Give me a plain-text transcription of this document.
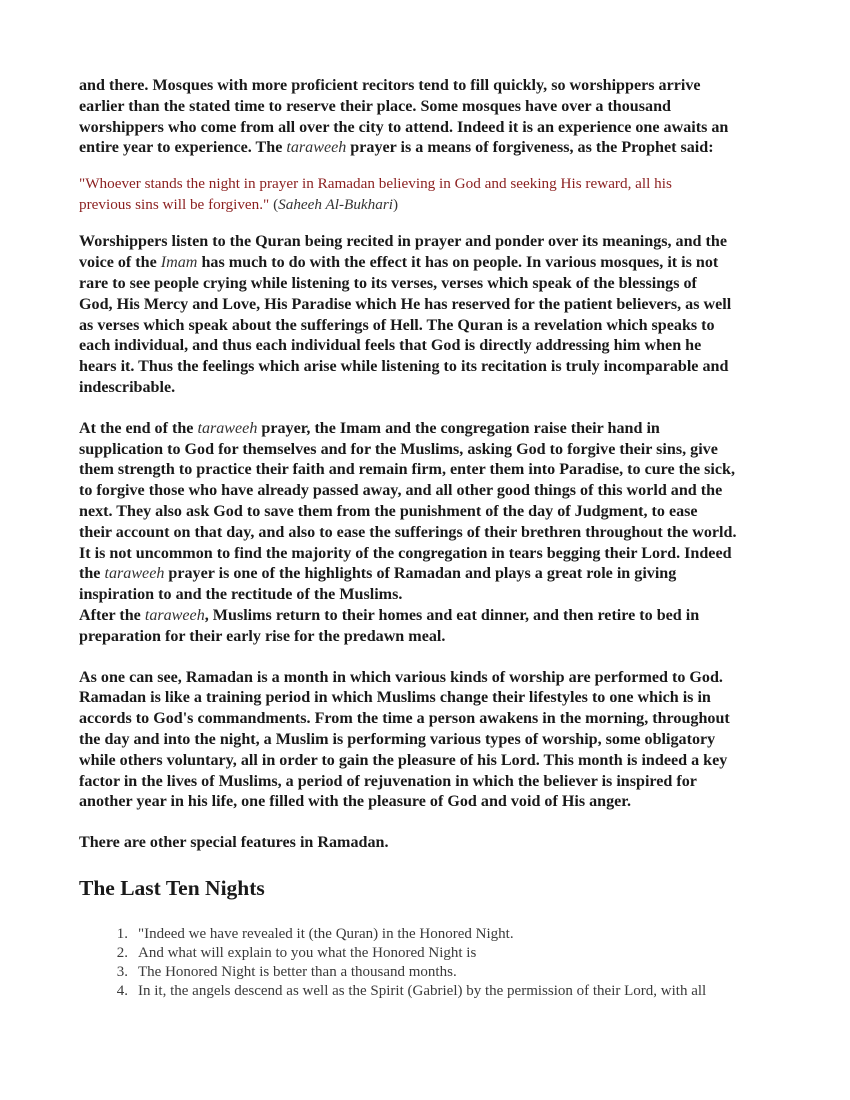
and there. Mosques with more proficient recitors tend to fill quickly, so worshippers arrive
earlier than the stated time to reserve their place. Some mosques have over a thousand
worshippers who come from all over the city to attend. Indeed it is an experience one awaits an
entire year to experience. The taraweeh prayer is a means of forgiveness, as the Prophet said:
"Whoever stands the night in prayer in Ramadan believing in God and seeking His reward, all his
previous sins will be forgiven." (Saheeh Al-Bukhari)
Worshippers listen to the Quran being recited in prayer and ponder over its meanings, and the
voice of the Imam has much to do with the effect it has on people. In various mosques, it is not
rare to see people crying while listening to its verses, verses which speak of the blessings of
God, His Mercy and Love, His Paradise which He has reserved for the patient believers, as well
as verses which speak about the sufferings of Hell. The Quran is a revelation which speaks to
each individual, and thus each individual feels that God is directly addressing him when he
hears it. Thus the feelings which arise while listening to its recitation is truly incomparable and
indescribable.
At the end of the taraweeh prayer, the Imam and the congregation raise their hand in
supplication to God for themselves and for the Muslims, asking God to forgive their sins, give
them strength to practice their faith and remain firm, enter them into Paradise, to cure the sick,
to forgive those who have already passed away, and all other good things of this world and the
next. They also ask God to save them from the punishment of the day of Judgment, to ease
their account on that day, and also to ease the sufferings of their brethren throughout the world.
It is not uncommon to find the majority of the congregation in tears begging their Lord. Indeed
the taraweeh prayer is one of the highlights of Ramadan and plays a great role in giving
inspiration to and the rectitude of the Muslims.
After the taraweeh, Muslims return to their homes and eat dinner, and then retire to bed in
preparation for their early rise for the predawn meal.
As one can see, Ramadan is a month in which various kinds of worship are performed to God.
Ramadan is like a training period in which Muslims change their lifestyles to one which is in
accords to God's commandments. From the time a person awakens in the morning, throughout
the day and into the night, a Muslim is performing various types of worship, some obligatory
while others voluntary, all in order to gain the pleasure of his Lord. This month is indeed a key
factor in the lives of Muslims, a period of rejuvenation in which the believer is inspired for
another year in his life, one filled with the pleasure of God and void of His anger.
There are other special features in Ramadan.
The Last Ten Nights
1. "Indeed we have revealed it (the Quran) in the Honored Night.
2. And what will explain to you what the Honored Night is
3. The Honored Night is better than a thousand months.
4. In it, the angels descend as well as the Spirit (Gabriel) by the permission of their Lord, with all
